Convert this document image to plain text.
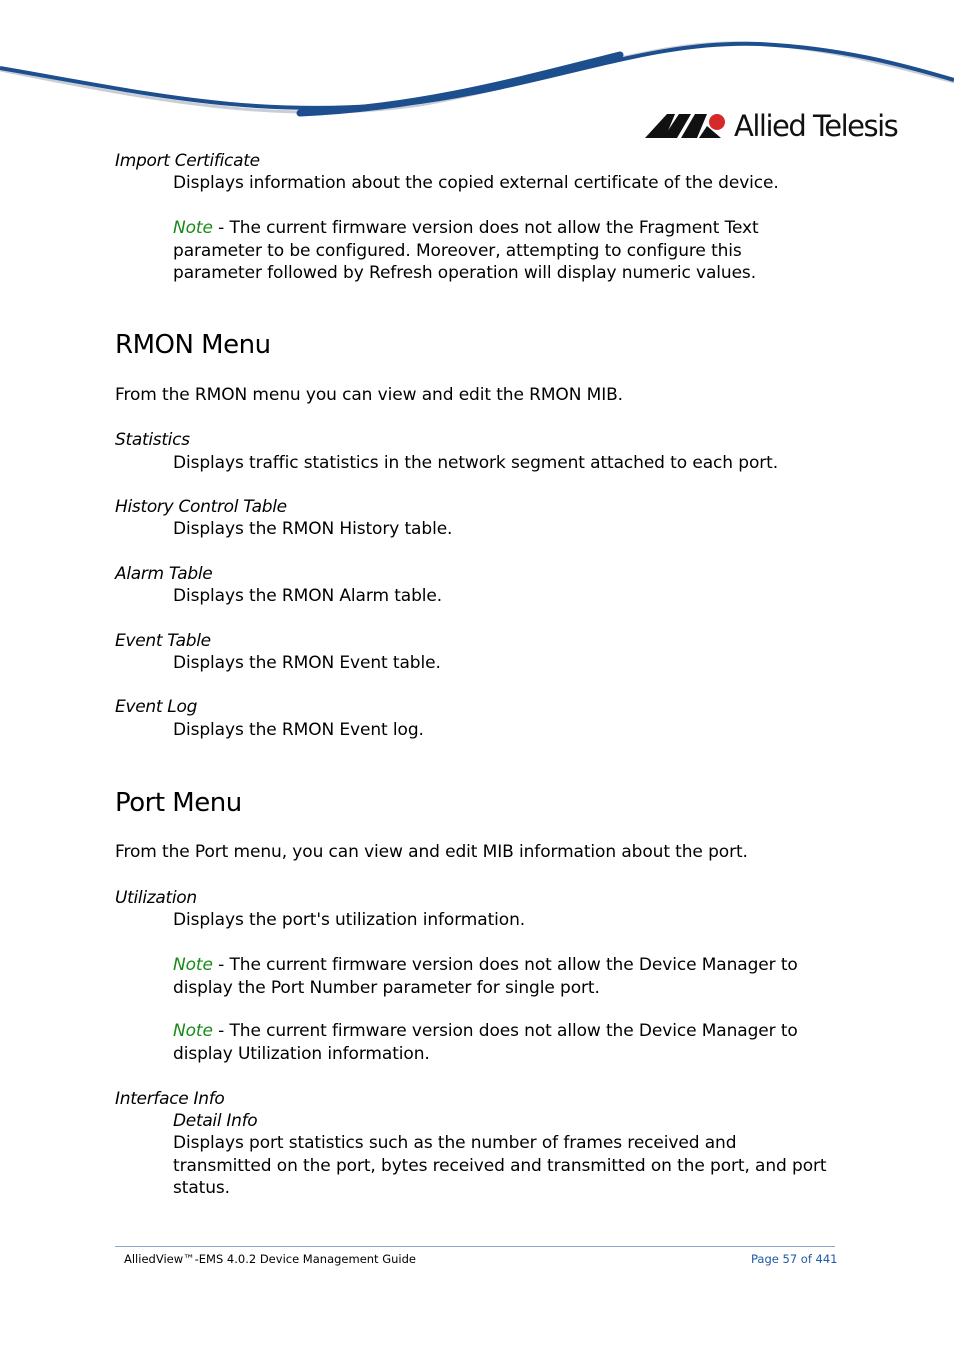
Allied Telesis
Import Certificate
Displays information about the copied external certificate of the device.
Note - The current firmware version does not allow the Fragment Text parameter to be configured. Moreover, attempting to configure this parameter followed by Refresh operation will display numeric values.
RMON Menu
From the RMON menu you can view and edit the RMON MIB.
Statistics
Displays traffic statistics in the network segment attached to each port.
History Control Table
Displays the RMON History table.
Alarm Table
Displays the RMON Alarm table.
Event Table
Displays the RMON Event table.
Event Log
Displays the RMON Event log.
Port Menu
From the Port menu, you can view and edit MIB information about the port.
Utilization
Displays the port's utilization information.
Note - The current firmware version does not allow the Device Manager to display the Port Number parameter for single port.
Note - The current firmware version does not allow the Device Manager to display Utilization information.
Interface Info
Detail Info
Displays port statistics such as the number of frames received and transmitted on the port, bytes received and transmitted on the port, and port status.
AlliedView™-EMS 4.0.2 Device Management Guide	Page 57 of 441
